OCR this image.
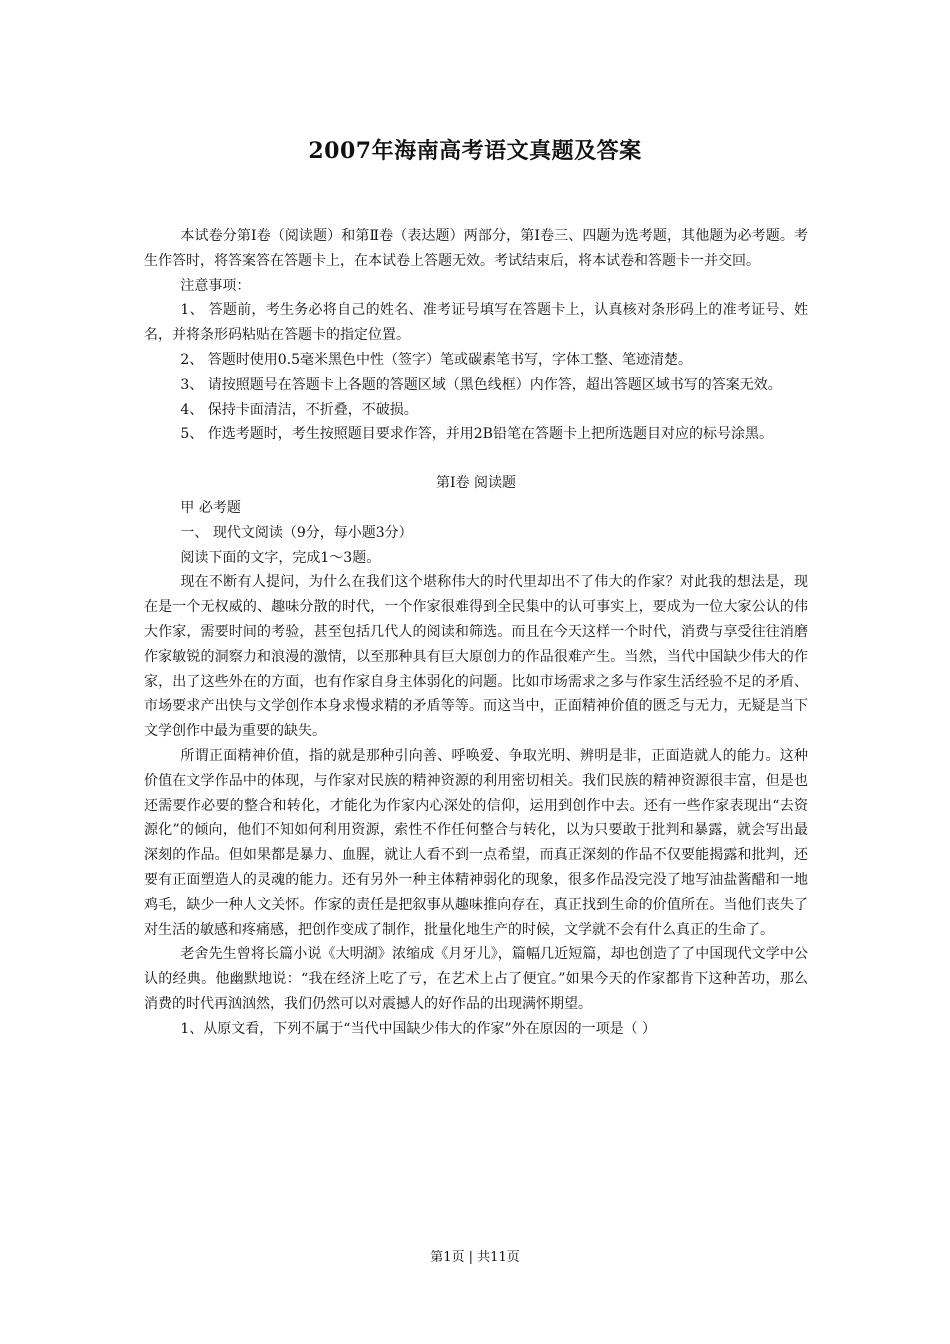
2007年海南高考语文真题及答案

本试卷分第Ⅰ卷（阅读题）和第Ⅱ卷（表达题）两部分，第Ⅰ卷三、四题为选考题，其他题为必考题。考生作答时，将答案答在答题卡上，在本试卷上答题无效。考试结束后，将本试卷和答题卡一并交回。

注意事项：

1、 答题前，考生务必将自己的姓名、准考证号填写在答题卡上，认真核对条形码上的准考证号、姓名，并将条形码粘贴在答题卡的指定位置。

2、 答题时使用0.5毫米黑色中性（签字）笔或碳素笔书写，字体工整、笔迹清楚。

3、 请按照题号在答题卡上各题的答题区域（黑色线框）内作答，超出答题区域书写的答案无效。

4、 保持卡面清洁，不折叠，不破损。

5、 作选考题时，考生按照题目要求作答，并用2B铅笔在答题卡上把所选题目对应的标号涂黑。

第Ⅰ卷 阅读题

甲 必考题

一、 现代文阅读（9分，每小题3分）

阅读下面的文字，完成1～3题。

现在不断有人提问，为什么在我们这个堪称伟大的时代里却出不了伟大的作家？对此我的想法是，现在是一个无权威的、趣味分散的时代，一个作家很难得到全民集中的认可事实上，要成为一位大家公认的伟大作家，需要时间的考验，甚至包括几代人的阅读和筛选。而且在今天这样一个时代，消费与享受往往消磨作家敏锐的洞察力和浪漫的激情，以至那种具有巨大原创力的作品很难产生。当然，当代中国缺少伟大的作家，出了这些外在的方面，也有作家自身主体弱化的问题。比如市场需求之多与作家生活经验不足的矛盾、市场要求产出快与文学创作本身求慢求精的矛盾等等。而这当中，正面精神价值的匮乏与无力，无疑是当下文学创作中最为重要的缺失。

所谓正面精神价值，指的就是那种引向善、呼唤爱、争取光明、辨明是非，正面造就人的能力。这种价值在文学作品中的体现，与作家对民族的精神资源的利用密切相关。我们民族的精神资源很丰富，但是也还需要作必要的整合和转化，才能化为作家内心深处的信仰，运用到创作中去。还有一些作家表现出“去资源化”的倾向，他们不知如何利用资源，索性不作任何整合与转化，以为只要敢于批判和暴露，就会写出最深刻的作品。但如果都是暴力、血腥，就让人看不到一点希望，而真正深刻的作品不仅要能揭露和批判，还要有正面塑造人的灵魂的能力。还有另外一种主体精神弱化的现象，很多作品没完没了地写油盐酱醋和一地鸡毛，缺少一种人文关怀。作家的责任是把叙事从趣味推向存在，真正找到生命的价值所在。当他们丧失了对生活的敏感和疼痛感，把创作变成了制作，批量化地生产的时候，文学就不会有什么真正的生命了。

老舍先生曾将长篇小说《大明湖》浓缩成《月牙儿》，篇幅几近短篇，却也创造了了中国现代文学中公认的经典。他幽默地说：“我在经济上吃了亏，在艺术上占了便宜。”如果今天的作家都肯下这种苦功，那么消费的时代再汹汹然，我们仍然可以对震撼人的好作品的出现满怀期望。

1、从原文看，下列不属于“当代中国缺少伟大的作家”外在原因的一项是（ ）

第1页 | 共11页
